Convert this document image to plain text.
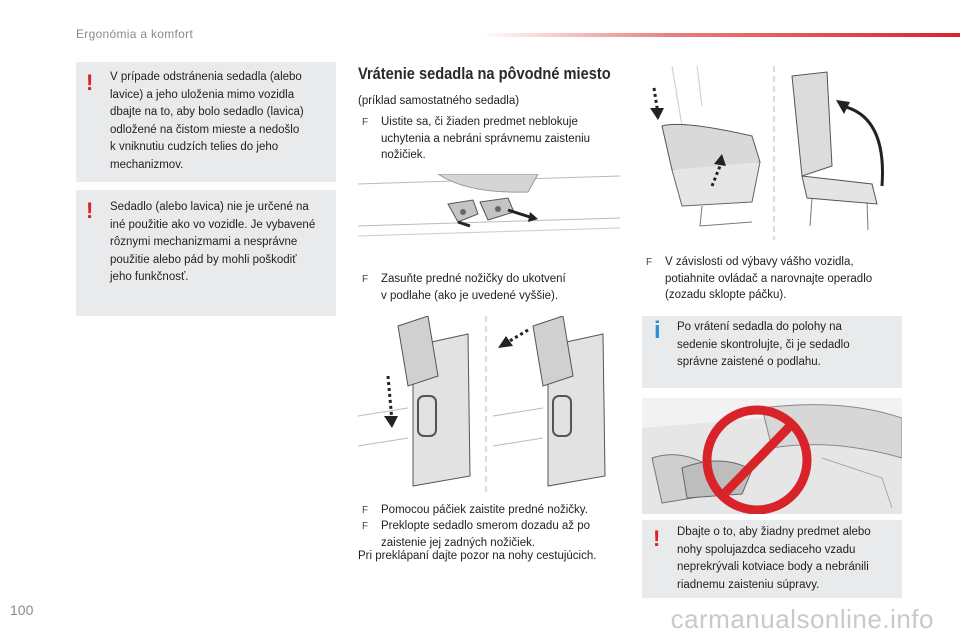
Ergonómia a komfort
! V prípade odstránenia sedadla (alebo
lavice) a jeho uloženia mimo vozidla
dbajte na to, aby bolo sedadlo (lavica)
odložené na čistom mieste a nedošlo
k vniknutiu cudzích telies do jeho
mechanizmov.

! Sedadlo (alebo lavica) nie je určené na
iné použitie ako vo vozidle. Je vybavené
rôznymi mechanizmami a nesprávne
použitie alebo pád by mohli poškodiť
jeho funkčnosť.

Vrátenie sedadla na pôvodné miesto
(príklad samostatného sedadla)
F Uistite sa, či žiaden predmet neblokuje
uchytenia a nebráni správnemu zaisteniu
nožičiek.
F Zasuňte predné nožičky do ukotvení
v podlahe (ako je uvedené vyššie).
F Pomocou páčiek zaistite predné nožičky.
F Preklopte sedadlo smerom dozadu až po
zaistenie jej zadných nožičiek.
Pri preklápaní dajte pozor na nohy cestujúcich.
F V závislosti od výbavy vášho vozidla,
potiahnite ovládač a narovnajte operadlo
(zozadu sklopte páčku).
i Po vrátení sedadla do polohy na
sedenie skontrolujte, či je sedadlo
správne zaistené o podlahu.

! Dbajte o to, aby žiadny predmet alebo
nohy spolujazdca sediaceho vzadu
neprekrývali kotviace body a nebránili
riadnemu zaisteniu súpravy.

100	carmanualsonline.info
